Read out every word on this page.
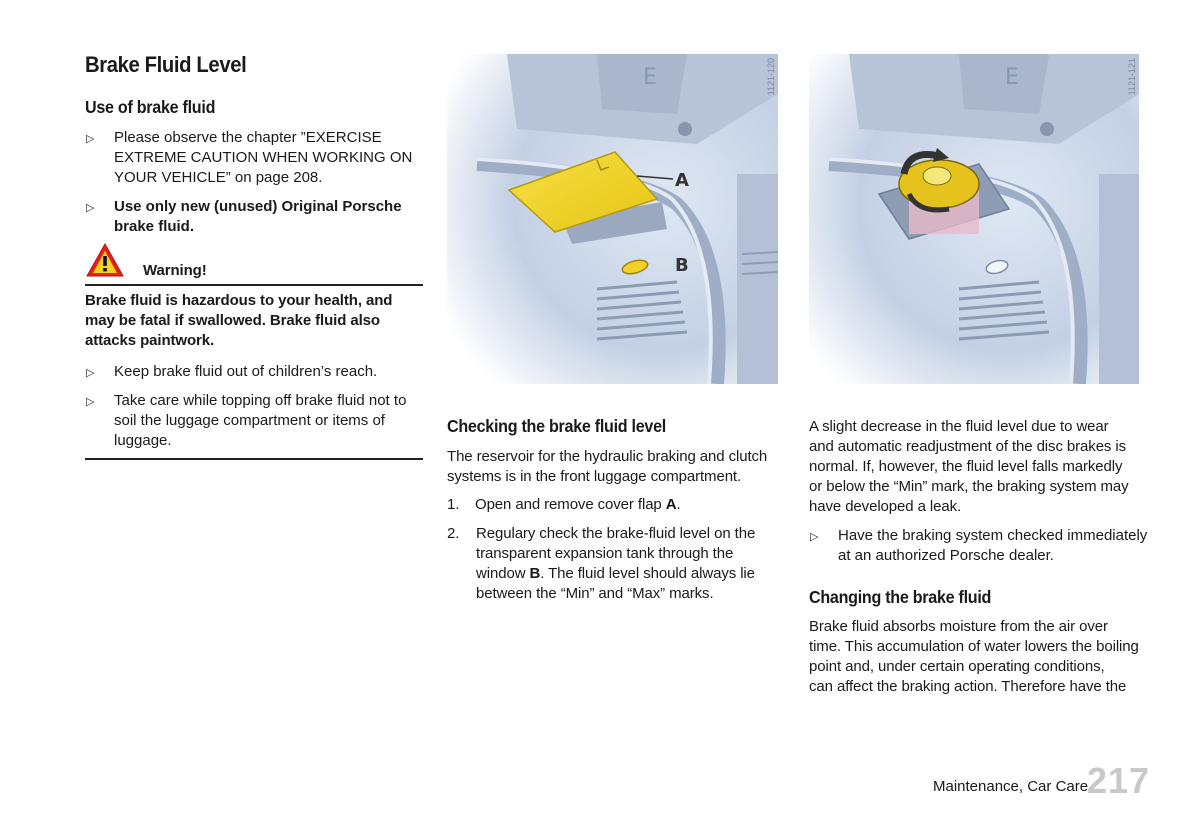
Brake Fluid Level
Use of brake fluid
▷ Please observe the chapter ”EXERCISE
EXTREME CAUTION WHEN WORKING ON
YOUR VEHICLE” on page 208.
▷ Use only new (unused) Original Porsche
brake fluid.
Warning!
Brake fluid is hazardous to your health, and
may be fatal if swallowed. Brake fluid also
attacks paintwork.
▷ Keep brake fluid out of children’s reach.
▷ Take care while topping off brake fluid not to
soil the luggage compartment or items of
luggage.
E
A
B
1121-120	E	1121-121
Checking the brake fluid level
The reservoir for the hydraulic braking and clutch
systems is in the front luggage compartment.
1. Open and remove cover flap A.
2. Regulary check the brake-fluid level on the
transparent expansion tank through the
window B. The fluid level should always lie
between the “Min” and “Max” marks.
A slight decrease in the fluid level due to wear
and automatic readjustment of the disc brakes is
normal. If, however, the fluid level falls markedly
or below the “Min” mark, the braking system may
have developed a leak.
▷ Have the braking system checked immediately
at an authorized Porsche dealer.
Changing the brake fluid
Brake fluid absorbs moisture from the air over
time. This accumulation of water lowers the boiling
point and, under certain operating conditions,
can affect the braking action. Therefore have the
Maintenance, Car Care
217
